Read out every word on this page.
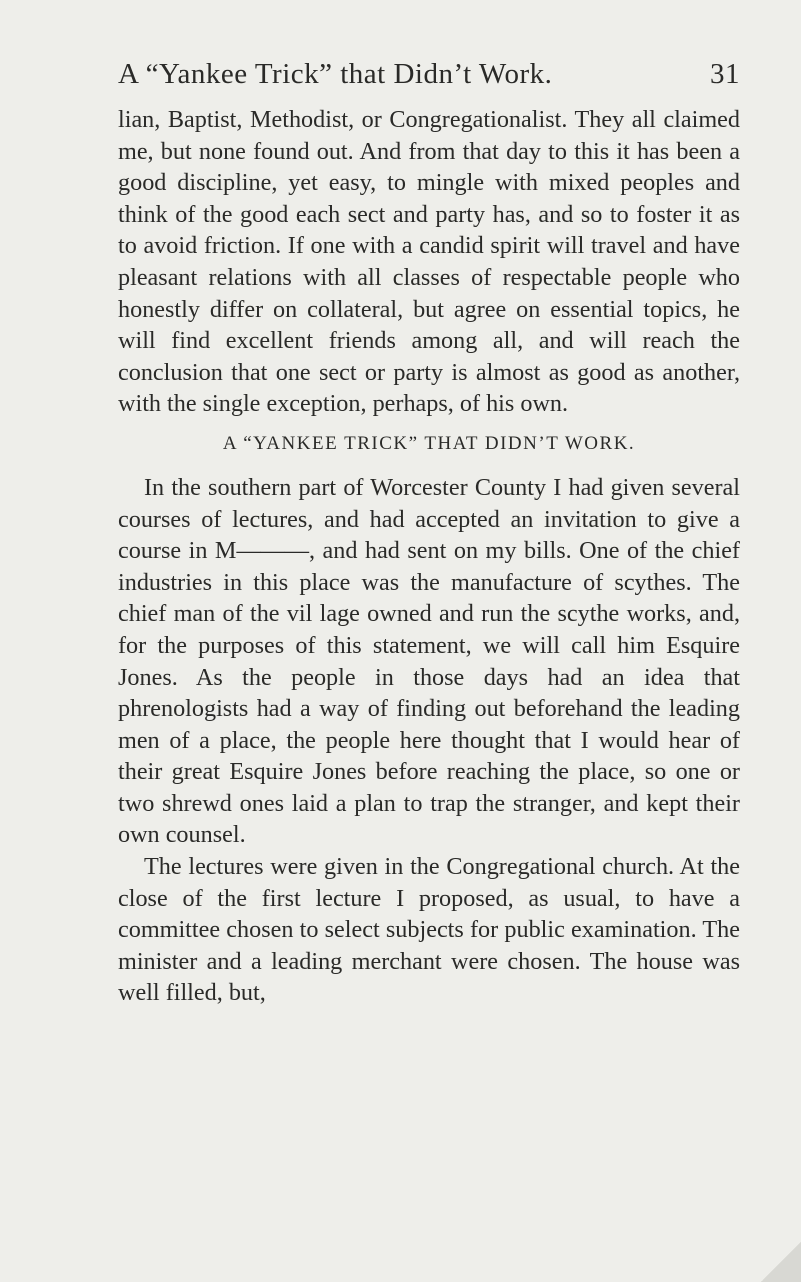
A “Yankee Trick” that Didn’t Work.	31

lian, Baptist, Methodist, or Congregationalist. They all claimed me, but none found out. And from that day to this it has been a good discipline, yet easy, to mingle with mixed peoples and think of the good each sect and party has, and so to foster it as to avoid friction. If one with a candid spirit will travel and have pleasant relations with all classes of respectable people who honestly differ on collateral, but agree on essential topics, he will find excellent friends among all, and will reach the conclusion that one sect or party is almost as good as another, with the single exception, perhaps, of his own.

A “YANKEE TRICK” THAT DIDN’T WORK.

In the southern part of Worcester County I had given several courses of lectures, and had accepted an invitation to give a course in M———, and had sent on my bills. One of the chief industries in this place was the manufacture of scythes. The chief man of the vil lage owned and run the scythe works, and, for the purposes of this statement, we will call him Esquire Jones. As the people in those days had an idea that phrenologists had a way of finding out beforehand the leading men of a place, the people here thought that I would hear of their great Esquire Jones before reaching the place, so one or two shrewd ones laid a plan to trap the stranger, and kept their own counsel.

The lectures were given in the Congregational church. At the close of the first lecture I proposed, as usual, to have a committee chosen to select subjects for public examination. The minister and a leading merchant were chosen. The house was well filled, but,
